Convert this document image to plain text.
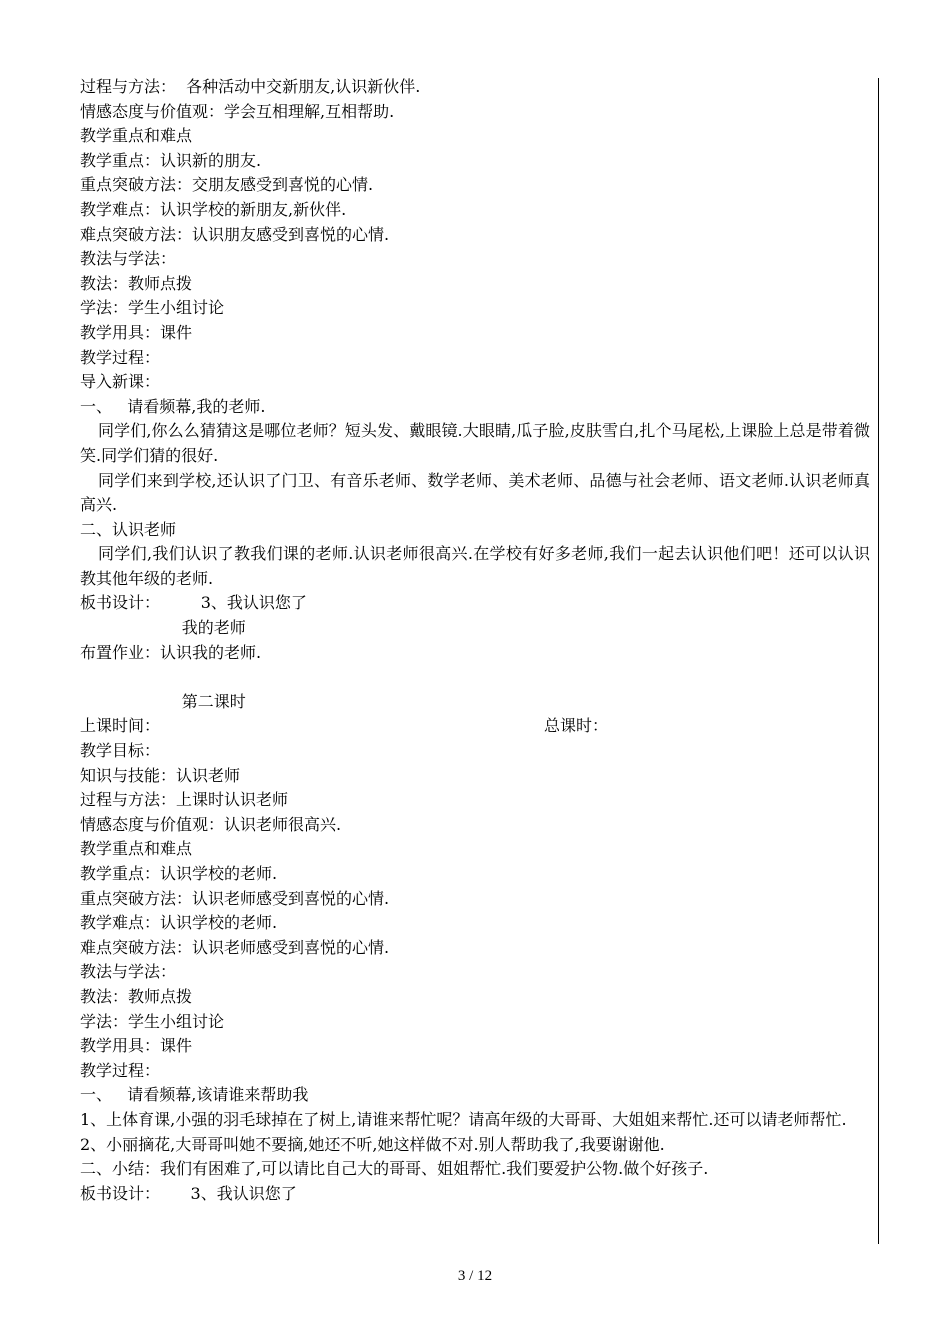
过程与方法：  各种活动中交新朋友,认识新伙伴.
情感态度与价值观：学会互相理解,互相帮助.
教学重点和难点
教学重点：认识新的朋友.
重点突破方法：交朋友感受到喜悦的心情.
教学难点：认识学校的新朋友,新伙伴.
难点突破方法：认识朋友感受到喜悦的心情.
教法与学法：
教法：教师点拨
学法：学生小组讨论
教学用具：课件
教学过程：
导入新课：
一、   请看频幕,我的老师.
同学们,你么么猜猜这是哪位老师？短头发、戴眼镜.大眼睛,瓜子脸,皮肤雪白,扎个马尾松,上课脸上总是带着微笑.同学们猜的很好.
同学们来到学校,还认识了门卫、有音乐老师、数学老师、美术老师、品德与社会老师、语文老师.认识老师真高兴.
二、认识老师
同学们,我们认识了教我们课的老师.认识老师很高兴.在学校有好多老师,我们一起去认识他们吧！还可以认识教其他年级的老师.
板书设计：        3、我认识您了
我的老师
布置作业：认识我的老师.
第二课时
上课时间：	总课时：
教学目标：
知识与技能：认识老师
过程与方法：上课时认识老师
情感态度与价值观：认识老师很高兴.
教学重点和难点
教学重点：认识学校的老师.
重点突破方法：认识老师感受到喜悦的心情.
教学难点：认识学校的老师.
难点突破方法：认识老师感受到喜悦的心情.
教法与学法：
教法：教师点拨
学法：学生小组讨论
教学用具：课件
教学过程：
一、   请看频幕,该请谁来帮助我
1、上体育课,小强的羽毛球掉在了树上,请谁来帮忙呢？请高年级的大哥哥、大姐姐来帮忙.还可以请老师帮忙.
2、小丽摘花,大哥哥叫她不要摘,她还不听,她这样做不对.别人帮助我了,我要谢谢他.
二、小结：我们有困难了,可以请比自己大的哥哥、姐姐帮忙.我们要爱护公物.做个好孩子.
板书设计：      3、我认识您了
3 / 12
